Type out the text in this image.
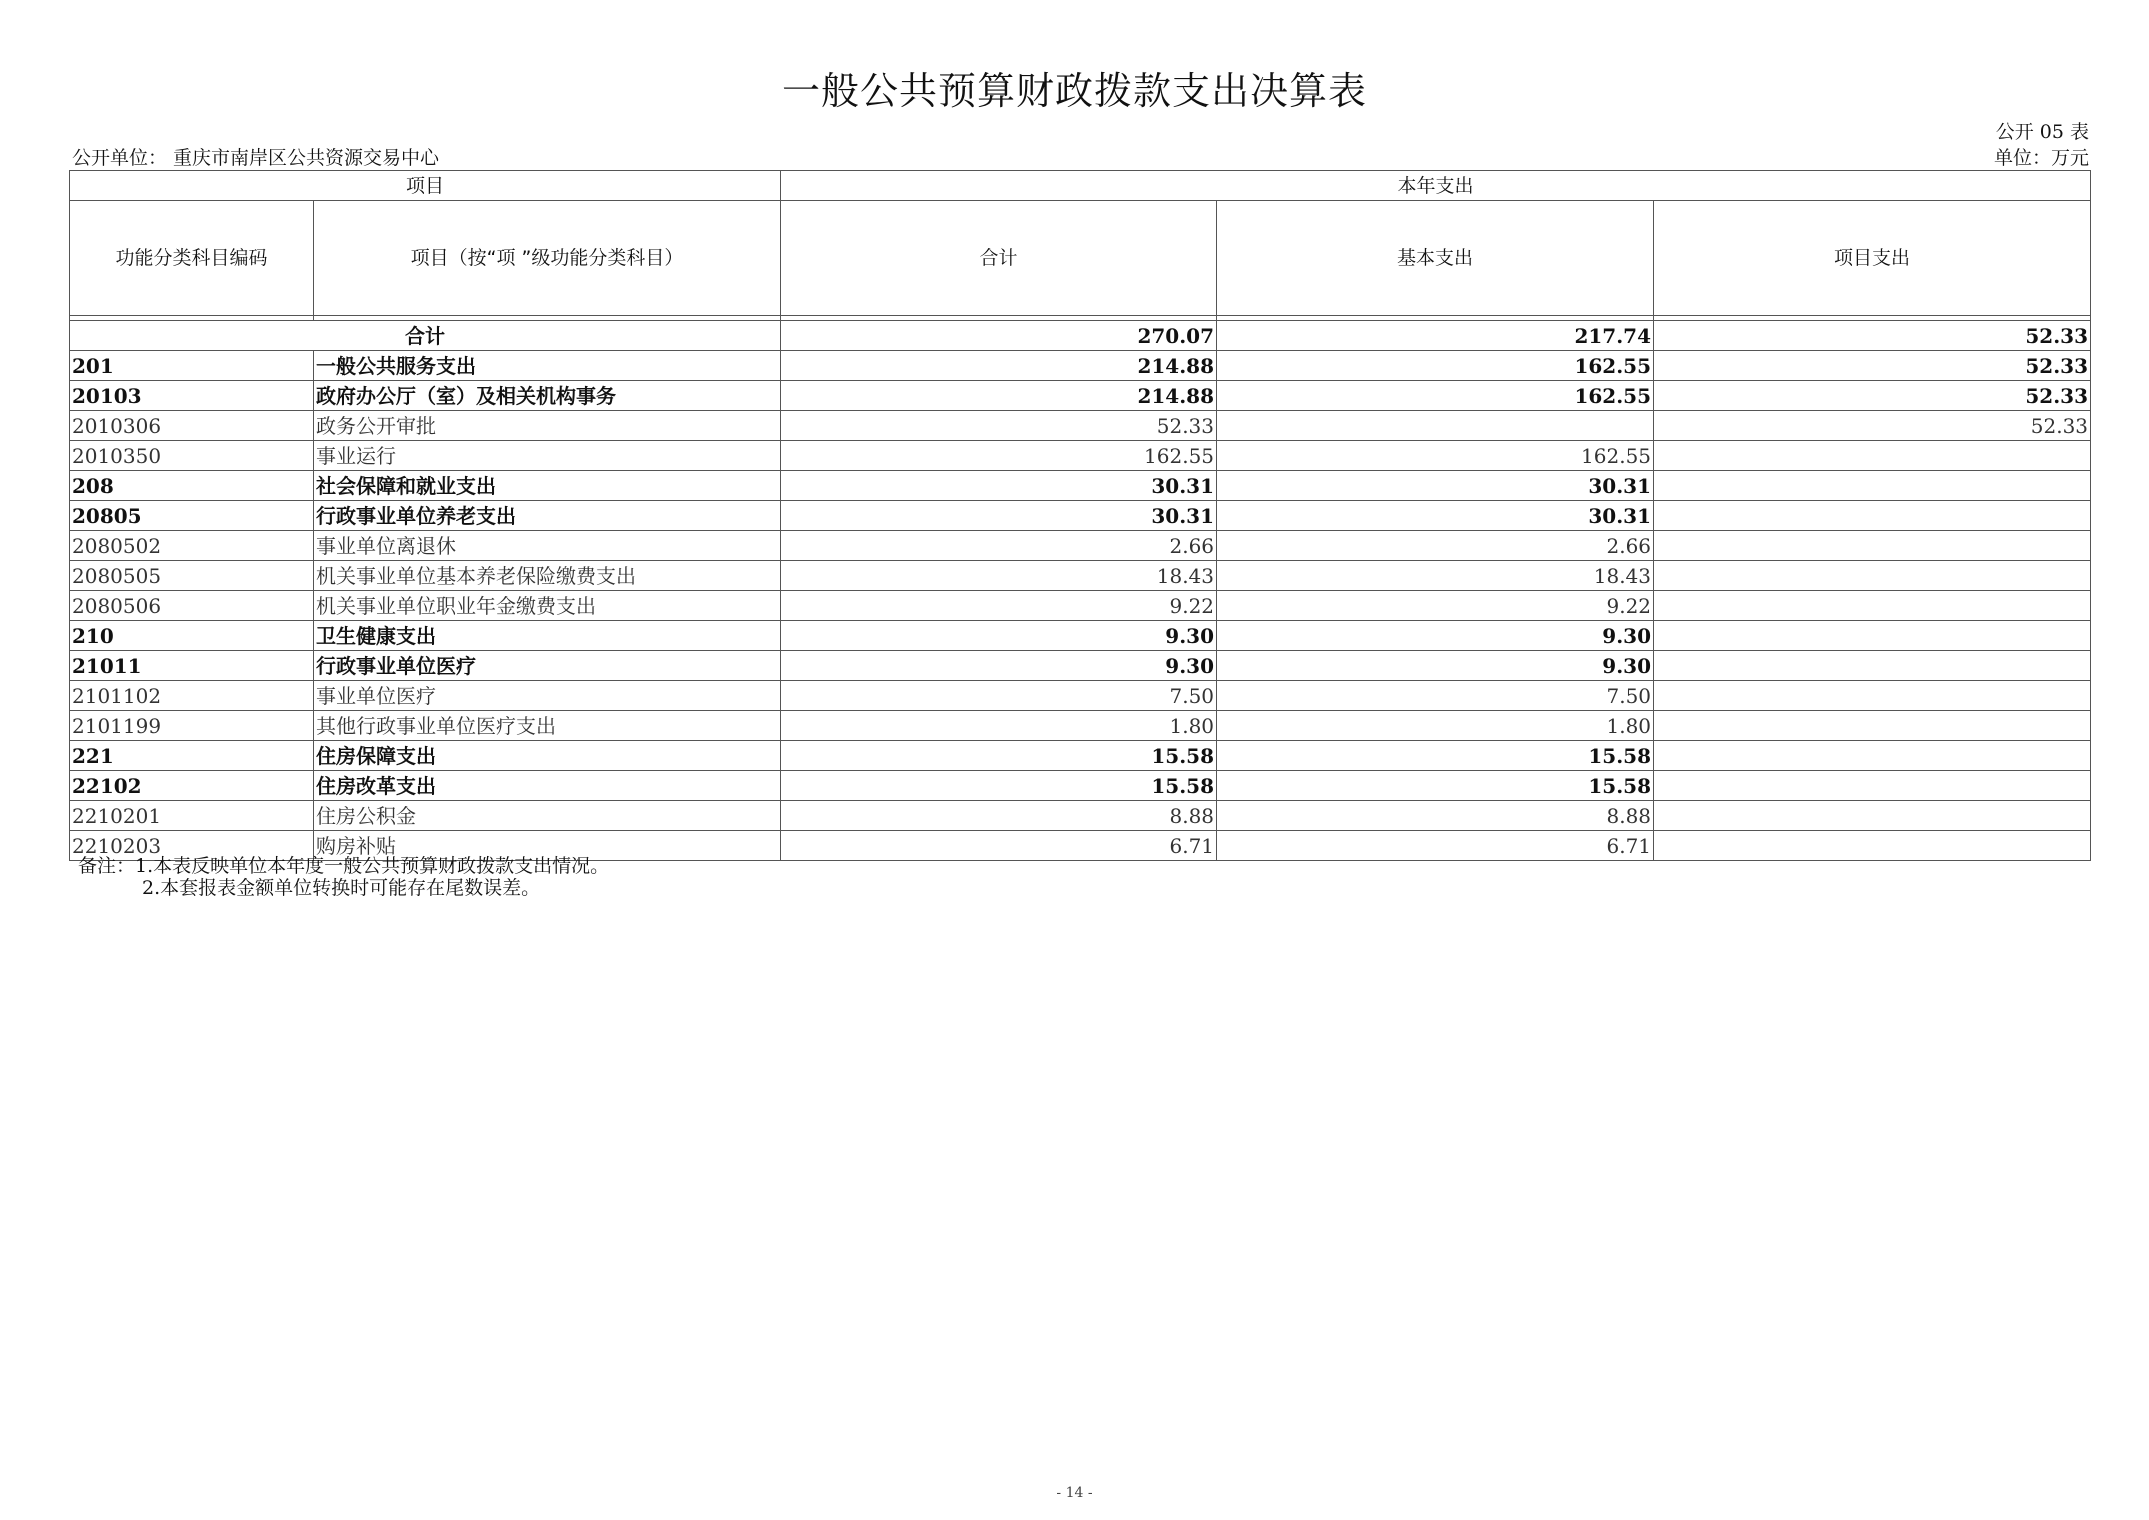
一般公共预算财政拨款支出决算表
公开 05 表
公开单位： 重庆市南岸区公共资源交易中心	单位：万元
项目		本年支出		
功能分类科目编码	项目（按“项 ”级功能分类科目）	合计	基本支出	项目支出

合计		270.07	217.74	52.33
201	一般公共服务支出	214.88	162.55	52.33
20103	政府办公厅（室）及相关机构事务	214.88	162.55	52.33
2010306	政务公开审批	52.33		52.33
2010350	事业运行	162.55	162.55	
208	社会保障和就业支出	30.31	30.31	
20805	行政事业单位养老支出	30.31	30.31	
2080502	事业单位离退休	2.66	2.66	
2080505	机关事业单位基本养老保险缴费支出	18.43	18.43	
2080506	机关事业单位职业年金缴费支出	9.22	9.22	
210	卫生健康支出	9.30	9.30	
21011	行政事业单位医疗	9.30	9.30	
2101102	事业单位医疗	7.50	7.50	
2101199	其他行政事业单位医疗支出	1.80	1.80	
221	住房保障支出	15.58	15.58	
22102	住房改革支出	15.58	15.58	
2210201	住房公积金	8.88	8.88	
2210203	购房补贴	6.71	6.71	
备注：1.本表反映单位本年度一般公共预算财政拨款支出情况。
2.本套报表金额单位转换时可能存在尾数误差。
- 14 -
